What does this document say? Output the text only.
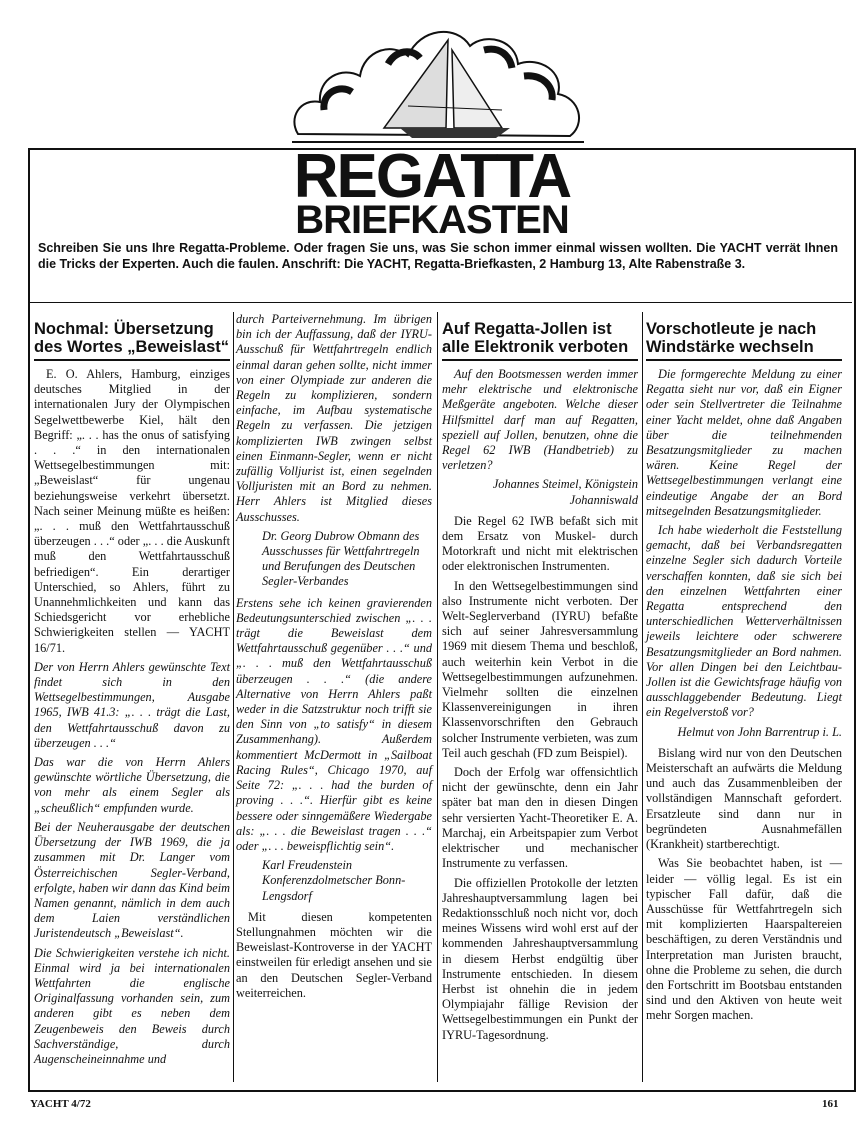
REGATTA
BRIEFKASTEN
Schreiben Sie uns Ihre Regatta-Probleme. Oder fragen Sie uns, was Sie schon immer einmal wissen wollten. Die YACHT verrät Ihnen die Tricks der Experten. Auch die faulen. Anschrift: Die YACHT, Regatta-Briefkasten, 2 Hamburg 13, Alte Rabenstraße 3.
Nochmal: Übersetzung des Wortes „Beweislast“

E. O. Ahlers, Hamburg, einziges deutsches Mitglied in der internationalen Jury der Olympischen Segelwettbewerbe Kiel, hält den Begriff: „. . . has the onus of satisfying . . .“ in den internationalen Wettsegelbestimmungen mit: „Beweislast“ für ungenau beziehungsweise verkehrt übersetzt. Nach seiner Meinung müßte es heißen: „. . . muß den Wettfahrtausschuß überzeugen . . .“ oder „. . . die Auskunft muß den Wettfahrtausschuß befriedigen“. Ein derartiger Unterschied, so Ahlers, führt zu Unannehmlichkeiten und kann das Schiedsgericht vor erhebliche Schwierigkeiten stellen — YACHT 16/71.

Der von Herrn Ahlers gewünschte Text findet sich in den Wettsegelbestimmungen, Ausgabe 1965, IWB 41.3: „. . . trägt die Last, den Wettfahrtausschuß davon zu überzeugen . . .“

Das war die von Herrn Ahlers gewünschte wörtliche Übersetzung, die von mehr als einem Segler als „scheußlich“ empfunden wurde.

Bei der Neuherausgabe der deutschen Übersetzung der IWB 1969, die ja zusammen mit Dr. Langer vom Österreichischen Segler-Verband, erfolgte, haben wir dann das Kind beim Namen genannt, nämlich in dem auch dem Laien verständlichen Juristendeutsch „Beweislast“.

Die Schwierigkeiten verstehe ich nicht. Einmal wird ja bei internationalen Wettfahrten die englische Originalfassung vorhanden sein, zum anderen gibt es neben dem Zeugenbeweis den Beweis durch Sachverständige, durch Augenscheineinnahme und

durch Parteivernehmung. Im übrigen bin ich der Auffassung, daß der IYRU-Ausschuß für Wettfahrtregeln endlich einmal daran gehen sollte, nicht immer von einer Olympiade zur anderen die Regeln zu komplizieren, sondern einfache, im Aufbau systematische Regeln zu verfassen. Die jetzigen komplizierten IWB zwingen selbst einen Einmann-Segler, wenn er nicht zufällig Volljurist ist, einen segelnden Volljuristen mit an Bord zu nehmen. Herr Ahlers ist Mitglied dieses Ausschusses.

Dr. Georg Dubrow Obmann des Ausschusses für Wettfahrtregeln und Berufungen des Deutschen Segler-Verbandes

Erstens sehe ich keinen gravierenden Bedeutungsunterschied zwischen „. . . trägt die Beweislast dem Wettfahrtausschuß gegenüber . . .“ und „. . . muß den Wettfahrtausschuß überzeugen . . .“ (die andere Alternative von Herrn Ahlers paßt weder in die Satzstruktur noch trifft sie den Sinn von „to satisfy“ in diesem Zusammenhang). Außerdem kommentiert McDermott in „Sailboat Racing Rules“, Chicago 1970, auf Seite 72: „. . . had the burden of proving . . .“. Hierfür gibt es keine bessere oder sinngemäßere Wiedergabe als: „. . . die Beweislast tragen . . .“ oder „. . . beweispflichtig sein“.

Karl Freudenstein Konferenzdolmetscher Bonn-Lengsdorf

Mit diesen kompetenten Stellungnahmen möchten wir die Beweislast-Kontroverse in der YACHT einstweilen für erledigt ansehen und sie an den Deutschen Segler-Verband weiterreichen.

Auf Regatta-Jollen ist alle Elektronik verboten

Auf den Bootsmessen werden immer mehr elektrische und elektronische Meßgeräte angeboten. Welche dieser Hilfsmittel darf man auf Regatten, speziell auf Jollen, benutzen, ohne die Regel 62 IWB (Handbetrieb) zu verletzen?

Johannes Steimel, Königstein Johanniswald

Die Regel 62 IWB befaßt sich mit dem Ersatz von Muskel- durch Motorkraft und nicht mit elektrischen oder elektronischen Instrumenten.

In den Wettsegelbestimmungen sind also Instrumente nicht verboten. Der Welt-Seglerverband (IYRU) befaßte sich auf seiner Jahresversammlung 1969 mit diesem Thema und beschloß, auch weiterhin kein Verbot in die Wettsegelbestimmungen aufzunehmen. Vielmehr sollten die einzelnen Klassenvereinigungen in ihren Klassenvorschriften den Gebrauch solcher Instrumente verbieten, was zum Teil auch geschah (FD zum Beispiel).

Doch der Erfolg war offensichtlich nicht der gewünschte, denn ein Jahr später bat man den in diesen Dingen sehr versierten Yacht-Theoretiker E. A. Marchaj, ein Arbeitspapier zum Verbot elektrischer und mechanischer Instrumente zu verfassen.

Die offiziellen Protokolle der letzten Jahreshauptversammlung lagen bei Redaktionsschluß noch nicht vor, doch meines Wissens wird wohl erst auf der kommenden Jahreshauptversammlung in diesem Herbst endgültig über Instrumente entschieden. In diesem Herbst ist ohnehin die in jedem Olympiajahr fällige Revision der Wettsegelbestimmungen ein Punkt der IYRU-Tagesordnung.

Vorschotleute je nach Windstärke wechseln

Die formgerechte Meldung zu einer Regatta sieht nur vor, daß ein Eigner oder sein Stellvertreter die Teilnahme einer Yacht meldet, ohne daß Angaben über die teilnehmenden Besatzungsmitglieder zu machen wären. Keine Regel der Wettsegelbestimmungen verlangt eine eindeutige Angabe der an Bord mitsegelnden Besatzungsmitglieder.

Ich habe wiederholt die Feststellung gemacht, daß bei Verbandsregatten einzelne Segler sich dadurch Vorteile verschaffen konnten, daß sie sich bei den einzelnen Wettfahrten einer Regatta entsprechend den unterschiedlichen Wetterverhältnissen jeweils leichtere oder schwerere Besatzungsmitglieder an Bord nahmen. Vor allen Dingen bei den Leichtbau-Jollen ist die Gewichtsfrage häufig von ausschlaggebender Bedeutung. Liegt ein Regelverstoß vor?

Helmut von John Barrentrup i. L.

Bislang wird nur von den Deutschen Meisterschaft an aufwärts die Meldung und auch das Zusammenbleiben der vollständigen Mannschaft gefordert. Ersatzleute sind dann nur in begründeten Ausnahmefällen (Krankheit) startberechtigt.

Was Sie beobachtet haben, ist — leider — völlig legal. Es ist ein typischer Fall dafür, daß die Ausschüsse für Wettfahrtregeln sich mit komplizierten Haarspaltereien beschäftigen, zu deren Verständnis und Interpretation man Juristen braucht, ohne die Probleme zu sehen, die durch den Fortschritt im Bootsbau entstanden sind und den Aktiven von heute weit mehr Sorgen machen.

YACHT 4/72	161
